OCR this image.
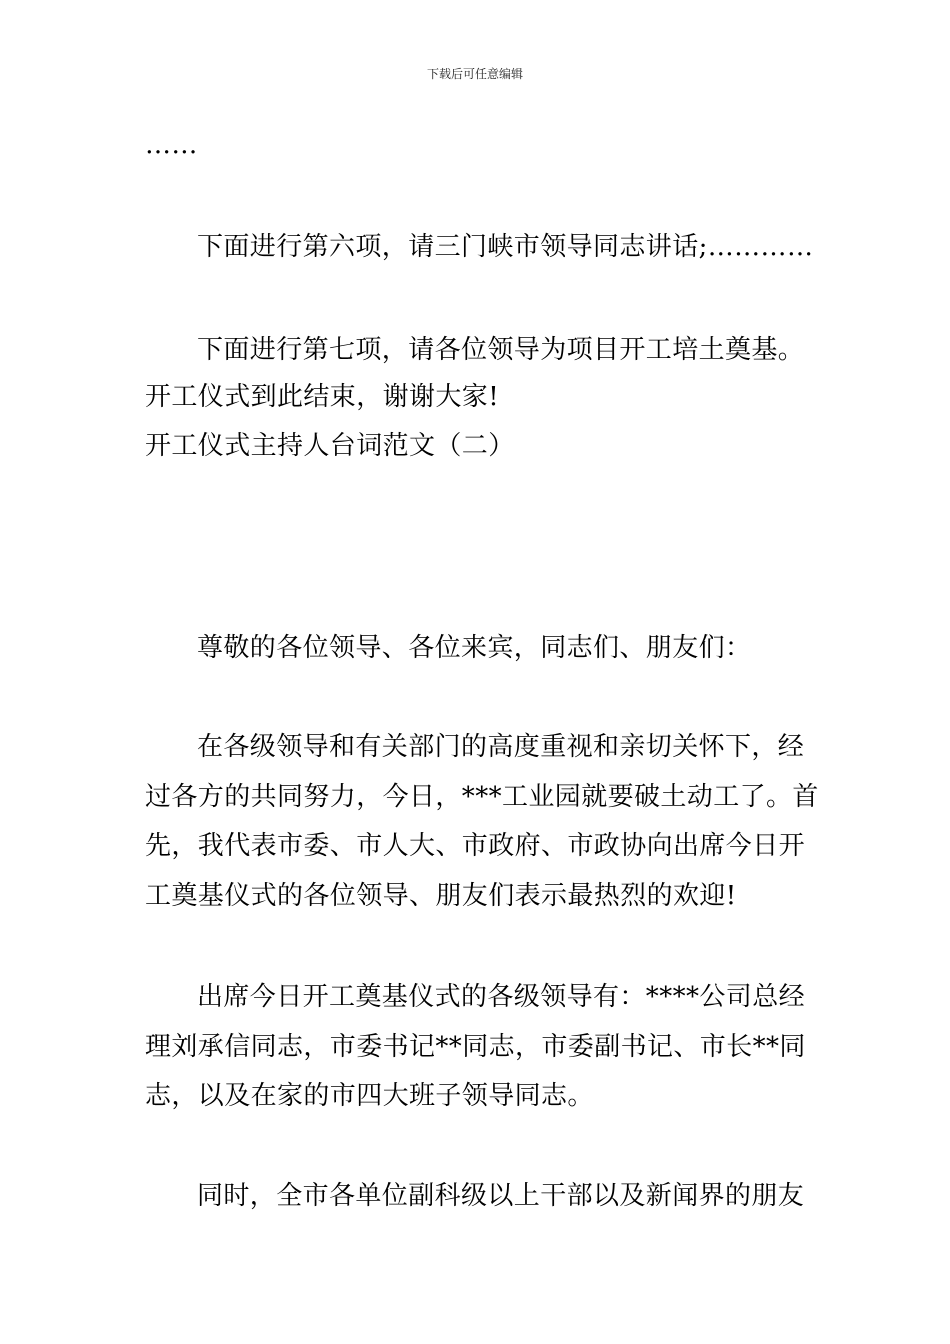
下载后可任意编辑
……
下面进行第六项，请三门峡市领导同志讲话;…………
下面进行第七项，请各位领导为项目开工培土奠基。
开工仪式到此结束，谢谢大家!
开工仪式主持人台词范文（二）
尊敬的各位领导、各位来宾，同志们、朋友们：
在各级领导和有关部门的高度重视和亲切关怀下，经
过各方的共同努力，今日，***工业园就要破土动工了。首
先，我代表市委、市人大、市政府、市政协向出席今日开
工奠基仪式的各位领导、朋友们表示最热烈的欢迎!
出席今日开工奠基仪式的各级领导有：****公司总经
理刘承信同志，市委书记**同志，市委副书记、市长**同
志，以及在家的市四大班子领导同志。
同时，全市各单位副科级以上干部以及新闻界的朋友
